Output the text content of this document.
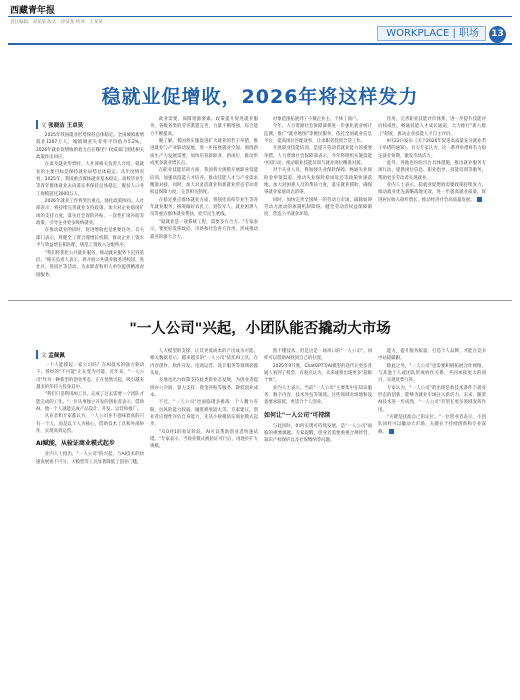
西藏青年报
责任编辑：刘某某 版式：徐某某 校对：王某某
WORKPLACE | 职场	13
稳就业促增收，2026年将这样发力
文 张晓洁 王卓昊

2025年我国就业形势保持总体稳定。全国城镇新增就业1267万人，城镇调查失业率平均值为5.2%。2026年就业促增收的着力点在哪里？权威部门围绕相关政策作出回应。

在谈及就业形势时，人社部相关负责人介绍，稳就业的主要目标是保持就业局势总体稳定。从年度情况看，2025年，我国重点群体就业基本稳定，高校毕业生等青年群体就业去向落实率保持总体稳定，脱贫人口务工规模超过3000万人。

2026年就业工作将突出重点，强化政策协同。人社部表示，将持续完善就业支持政策，加大对企业稳岗扩岗的支持力度，落实社会保险补贴、一次性扩岗补助等政策，引导企业更多吸纳就业。

在推动就业的同时，促进增收也是重要任务。有关部门表示，将健全工资合理增长机制，推动企业工资水平与效益增长相匹配，规范工资收入分配秩序。

"我们将优化公共就业服务，推动就业服务下沉到基层。"相关负责人表示，将开展公共就业服务进校园、进社区、进园区等活动，为求职者和用人单位提供精准对接服务。

就业需要，保障资源要素。政策提升促进就业服务，各级各类的劳务派遣完善，力量不断增强，综合能力不断提高。

聚了解，我国将实施促进扩大就业的若干举措，推进就业与产业联动发展，进一步拓展就业空间。围绕新质生产力发展需要，加快培育新职业、新岗位，推动形成更多就业增长点。

在职业技能培训方面，我国将大规模开展职业技能培训，加强高技能人才培养，推动技能人才与产业需求精准对接。同时，加大对灵活就业和新就业形态劳动者权益保障力度，完善相关制度。

在稳定重点群体就业方面，将强化高校毕业生等青年就业服务，统筹做好农民工、退役军人、就业困难人员等重点群体就业帮扶，兜牢民生底线。

"稳就业是一项系统工程，需要多方合力。"专家表示，要更好发挥政府、市场和社会各方作用，形成推动就业的强大合力。

对象范围拓展到了小微企业主、个体工商户。

今年，人力资源社会保障部将进一步强化就业统计监测，推广"就业地图"等便民服务，依托全国就业信息平台，提高岗位匹配效率，让求职者找到合适工作。

开展职业技能培训，是提升劳动者就业能力的重要举措。人力资源社会保障部表示，今年将组织实施技能中国行动，推动职业技能培训与就业岗位精准对接。

对于失业人员，将加强失业保险保障，畅通失业保险金申领渠道，推动失业保险稳岗返还等政策快速落地。加大对困难人员的帮扶力度，落实就业援助，确保零就业家庭动态清零。

同时，加快完善全国统一的劳动力市场，破除妨碍劳动力流动的体制机制障碍。健全劳动者权益保障制度，营造公平就业环境。

作用，完善职业技能评价体系，进一步提升技能评价权威性。畅通技能人才成长通道，大力推行"新八级工"制度，推动企业技能人才自主评价。

9月22日发布《关于2026年促进高质量充分就业若干举措的通知》。有关专家认为，这一系列举措将有力稳定就业预期，激发市场活力。

此外，各地也纷纷出台具体措施，推出就业服务专项行动，提供岗位信息、职业指导、技能培训等服务，帮助更多劳动者实现就业。

业内人士表示，稳就业促增收需要政策持续发力，推动就业优先战略落地见效，进一步提高就业质量，促进居民收入稳步增长，推动经济社会高质量发展。

"一人公司"兴起，小团队能否撬动大市场
文 孟佩佩

一个人能撑起一家公司吗？在AI技术的强力驱动下，曾经的"不可能"正在变为可能。近年来，"一人公司"作为一种新型的创业形态，正在悄然兴起，吸引越来越多的年轻人投身其中。

"我们只是利用AI工具，完成了过去需要一个团队才能完成的工作。"一位从事独立开发的创业者表示，借助AI，他一个人就能完成产品设计、开发、运营和推广。

从业者和专家都认为，一人公司并不意味着真的只有一个人，而是以个人为核心，借助技术工具和外部协作，实现高效运营。

AI赋能，从验证商业模式起步

业内人士指出，"一人公司"的兴起，与AI技术的快速发展密不可分。大模型等工具显著降低了创业门槛。

人大模型的支撑，让其更低成本的产出成为可能。相关数据显示，越来越多的"一人公司"依托AI工具，在内容创作、软件开发、电商运营、设计服务等领域崭露头角。

多地也出台政策支持此类新业态发展，为创业者提供办公空间、算力支持、资金补贴等服务，降低创业成本。

不过，"一人公司"也面临诸多挑战：个人精力有限、抗风险能力较弱、融资难度较大等。专家建议，创业者应理性评估自身能力，先从小规模验证商业模式起步。

"从0到1的验证阶段，AI可以帮助创业者快速试错。"专家表示，当商业模式被验证可行后，再逐步扩大规模。

然不懂技术，但是这是一场风口的"一人公司"，同样可以借助AI找到自己的位置。

2025年9月底，ChatGPT等AI模型的迭代让更多普通人看到了机会。有观点认为，未来或将出现更多"超级个体"。

业内人士表示，当前"一人公司"主要集中在知识服务、数字内容、技术外包等领域。这些领域对场地和设备要求较低，更适合个人创业。

如何让"一人公司"可持续

与此同时，如何实现可持续发展，是"一人公司"面临的重要课题。专家提醒，创业者需要重视合规经营、知识产权保护以及社保缴纳等问题。

能力，提升服务质量，打造个人品牌，才能在竞争中站稳脚跟。

除此之外，"一人公司"也需要积极拓展合作网络，与其他个人或团队形成协作关系，共同承接更大的项目，实现优势互补。

专家认为，"一人公司"的出现是新技术条件下就业形态的创新，能够为就业市场注入新活力。未来，随着AI技术进一步成熟，"一人公司"有望在更多领域发挥作用。

"关键是找准自己的定位。"一位创业者表示，小团队同样可以撬动大市场，关键在于持续创新和专业深耕。
